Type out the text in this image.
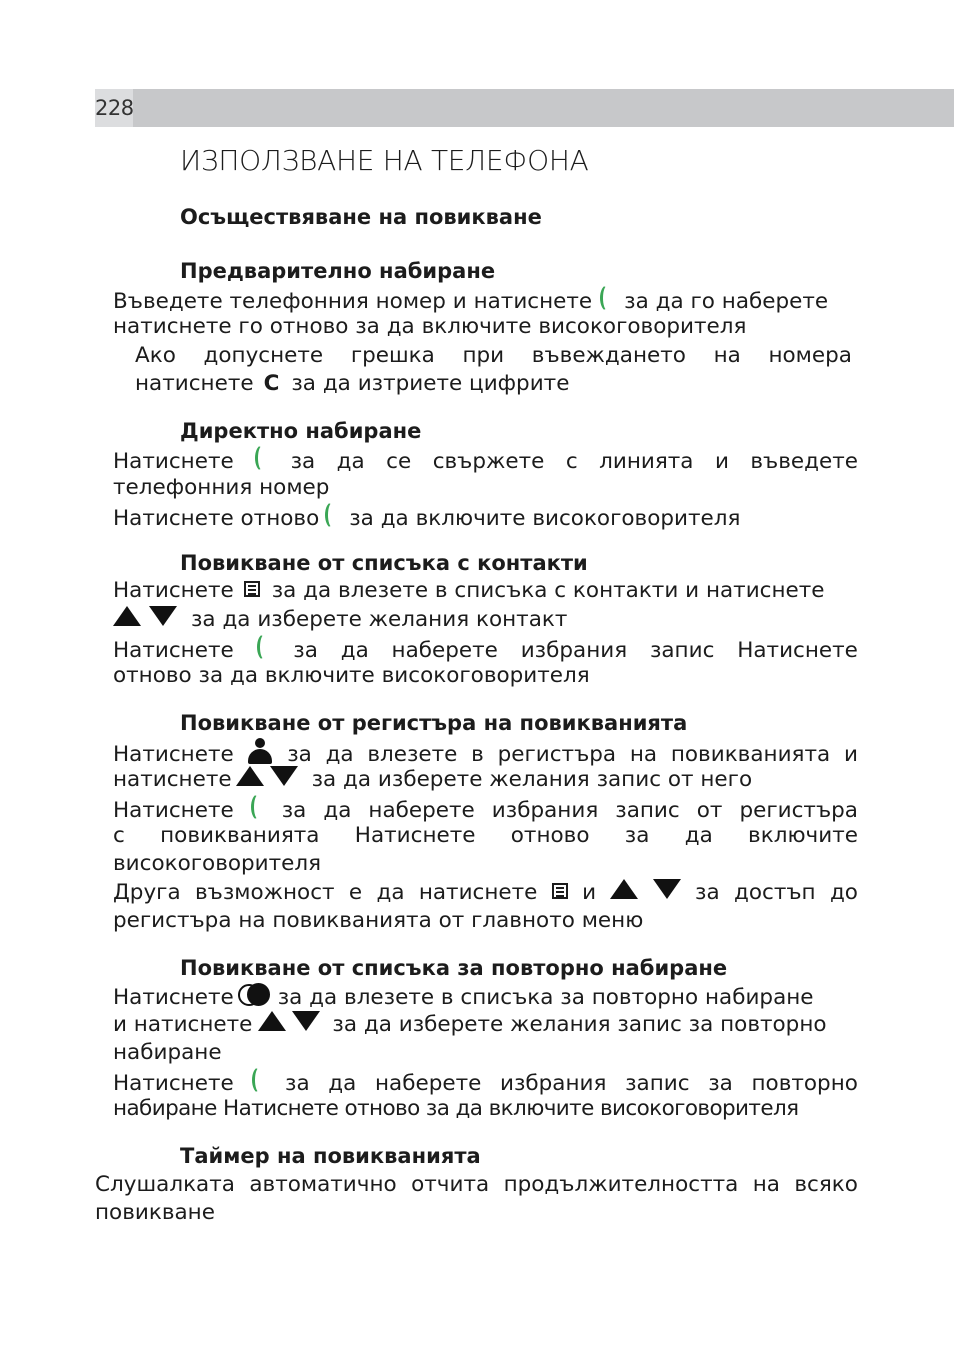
228
ИЗПОЛЗВАНЕ НА ТЕЛЕФОНА
Осъществяване на повикване
Предварително набиране
Въведете телефонния номер и натиснете за да го наберете
натиснете го отново за да включите високоговорителя
Ако допуснете грешка при въвеждането на номера
натиснете C за да изтриете цифрите
Директно набиране
Натиснете	за да се свържете с линията и въведете
телефонния номер
Натиснете отново за да включите високоговорителя
Повикване от списъка с контакти
Натиснете за да влезете в списъка с контакти и натиснете
за да изберете желания контакт
Натиснете	за да наберете избрания запис Натиснете
отново за да включите високоговорителя
Повикване от регистъра на повикванията
Натиснете за да влезете в регистъра на повикванията и
натиснете	за да изберете желания запис от него
Натиснете за да наберете избрания запис от регистъра
с повикванията Натиснете отново за да включите
високоговорителя
Друга възможност е да натиснете и	за достъп до
регистъра на повикванията от главното меню
Повикване от списъка за повторно набиране
Натиснете за да влезете в списъка за повторно набиране
и натиснете	за да изберете желания запис за повторно
набиране
Натиснете за да наберете избрания запис за повторно
набиране Натиснете отново за да включите високоговорителя
Таймер на повикванията
Слушалката автоматично отчита продължителността на всяко
повикване
